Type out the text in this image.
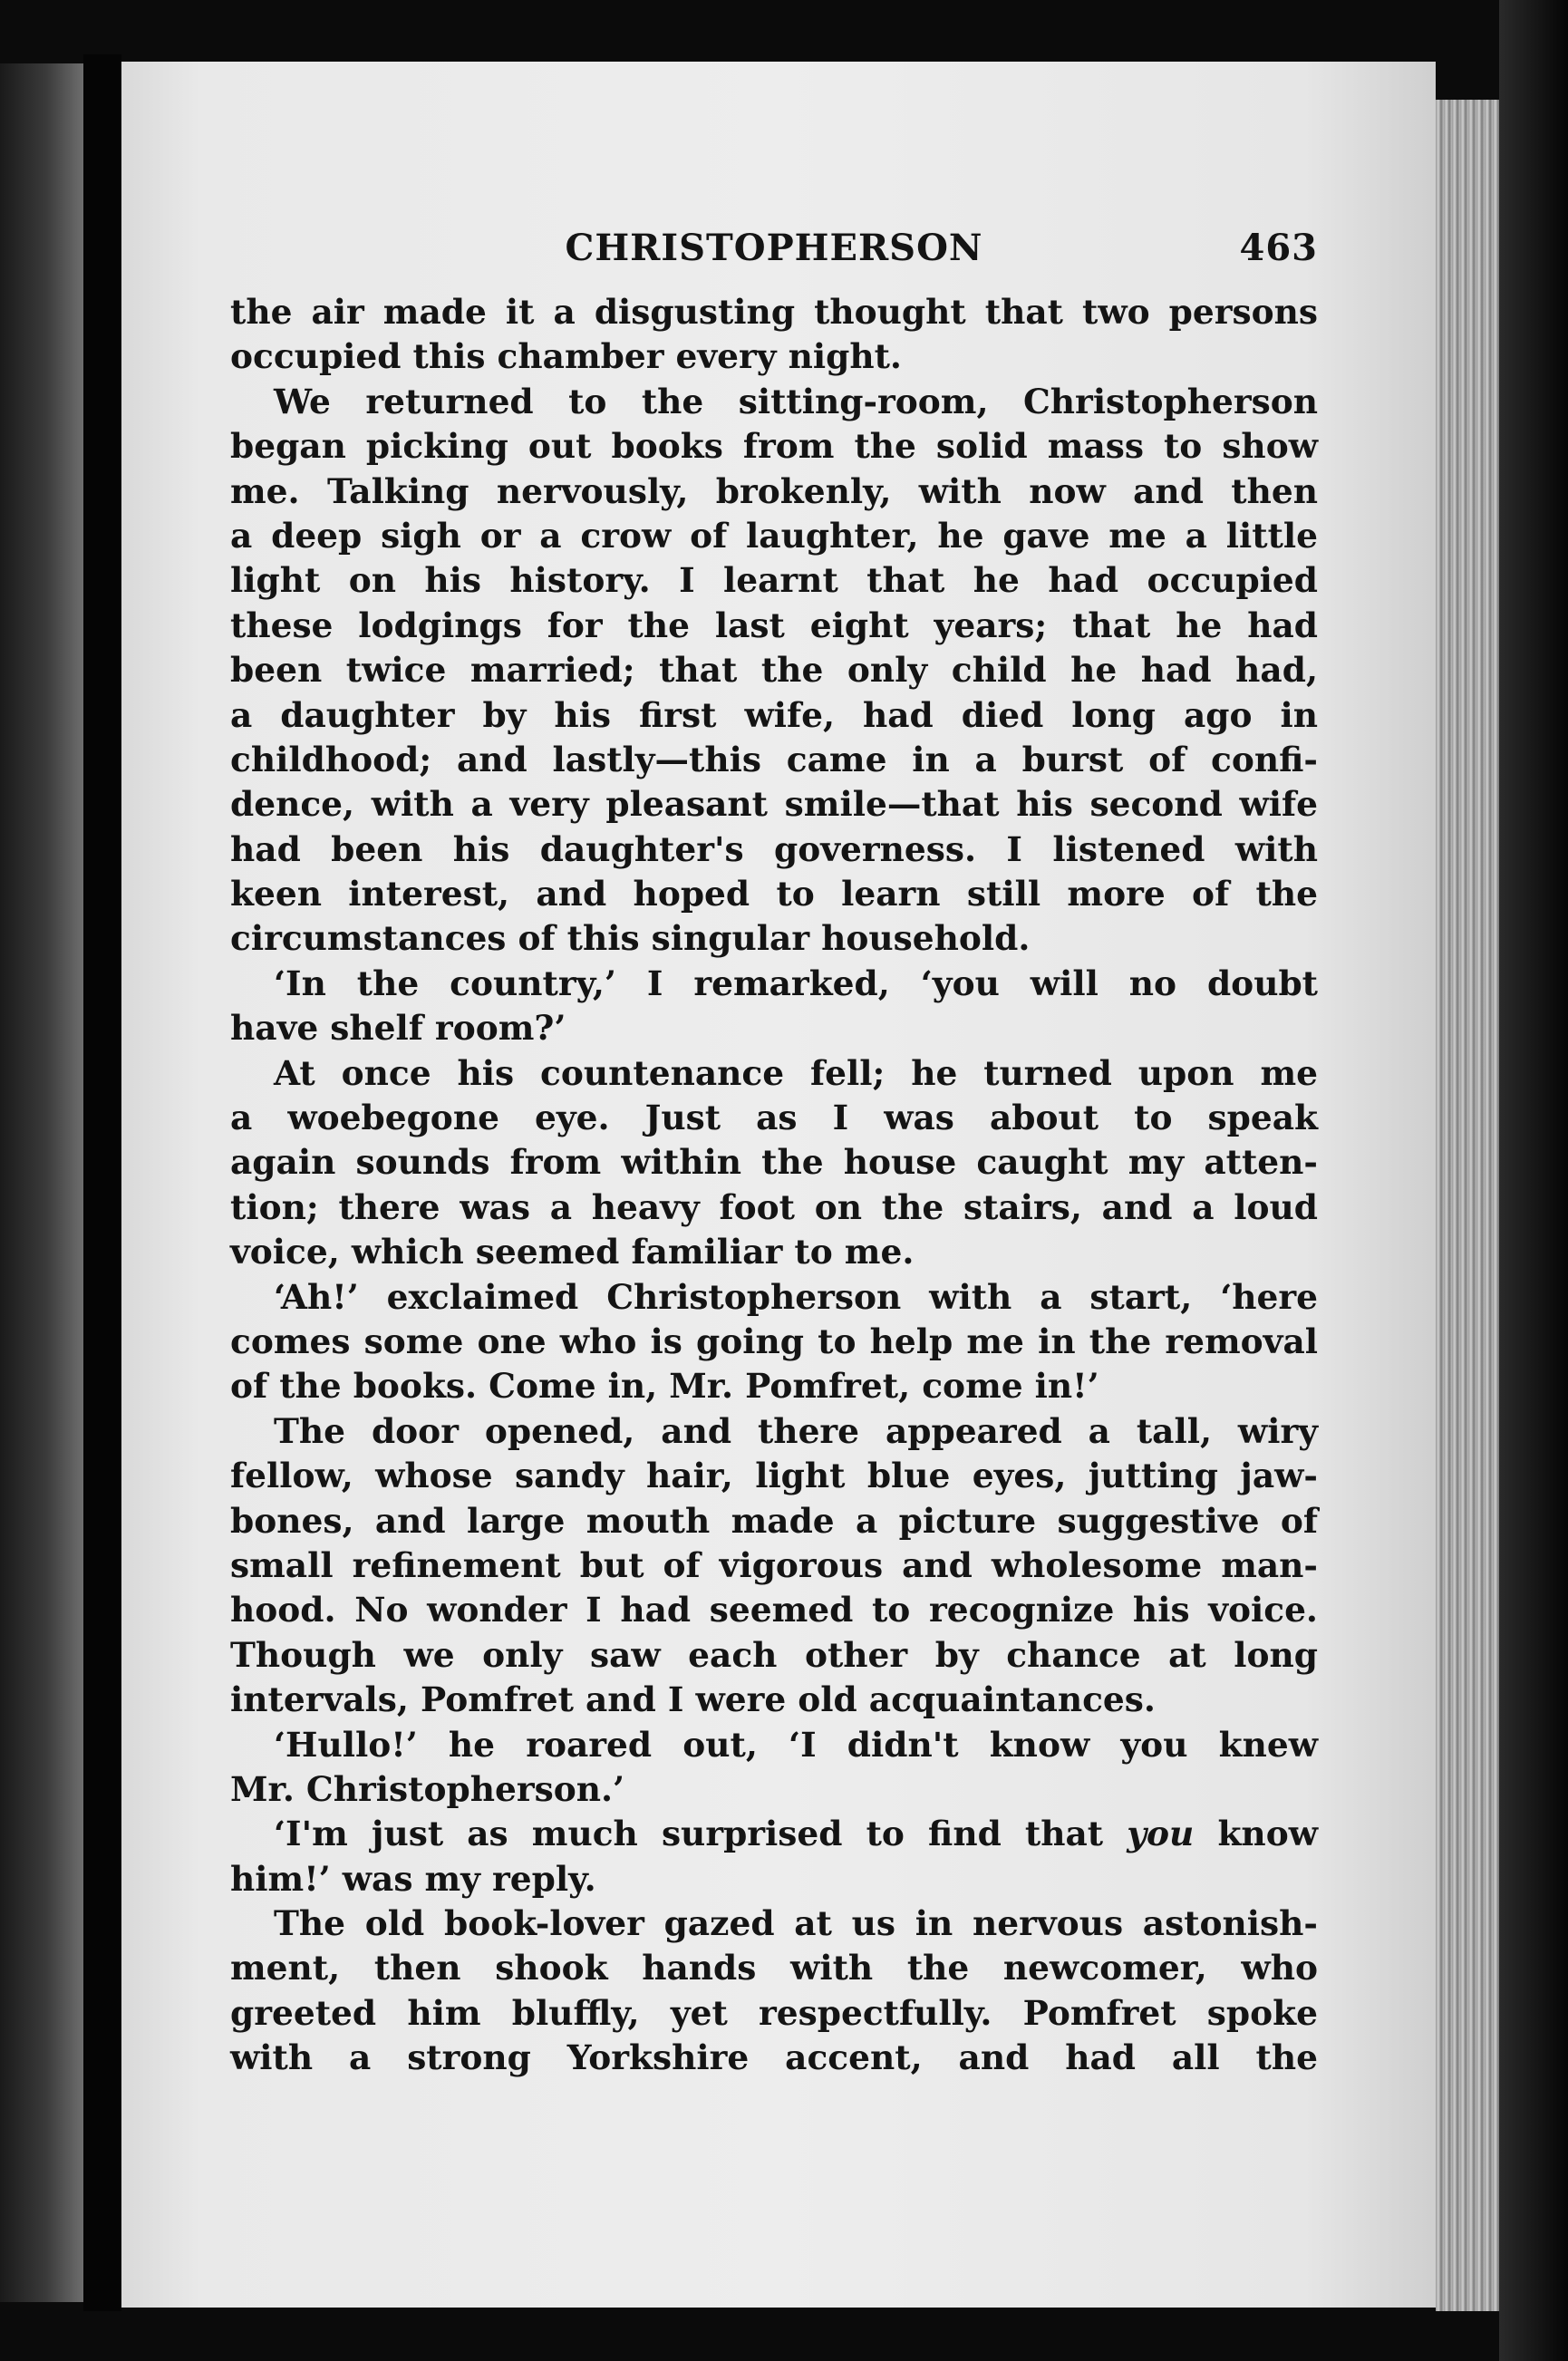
CHRISTOPHERSON	463
the air made it a disgusting thought that two persons
occupied this chamber every night.
We returned to the sitting-room, Christopherson
began picking out books from the solid mass to show
me. Talking nervously, brokenly, with now and then
a deep sigh or a crow of laughter, he gave me a little
light on his history. I learnt that he had occupied
these lodgings for the last eight years; that he had
been twice married; that the only child he had had,
a daughter by his first wife, had died long ago in
childhood; and lastly—this came in a burst of confi-
dence, with a very pleasant smile—that his second wife
had been his daughter's governess. I listened with
keen interest, and hoped to learn still more of the
circumstances of this singular household.
‘In the country,’ I remarked, ‘you will no doubt
have shelf room?’
At once his countenance fell; he turned upon me
a woebegone eye. Just as I was about to speak
again sounds from within the house caught my atten-
tion; there was a heavy foot on the stairs, and a loud
voice, which seemed familiar to me.
‘Ah!’ exclaimed Christopherson with a start, ‘here
comes some one who is going to help me in the removal
of the books. Come in, Mr. Pomfret, come in!’
The door opened, and there appeared a tall, wiry
fellow, whose sandy hair, light blue eyes, jutting jaw-
bones, and large mouth made a picture suggestive of
small refinement but of vigorous and wholesome man-
hood. No wonder I had seemed to recognize his voice.
Though we only saw each other by chance at long
intervals, Pomfret and I were old acquaintances.
‘Hullo!’ he roared out, ‘I didn't know you knew
Mr. Christopherson.’
‘I'm just as much surprised to find that you know
him!’ was my reply.
The old book-lover gazed at us in nervous astonish-
ment, then shook hands with the newcomer, who
greeted him bluffly, yet respectfully. Pomfret spoke
with a strong Yorkshire accent, and had all the
